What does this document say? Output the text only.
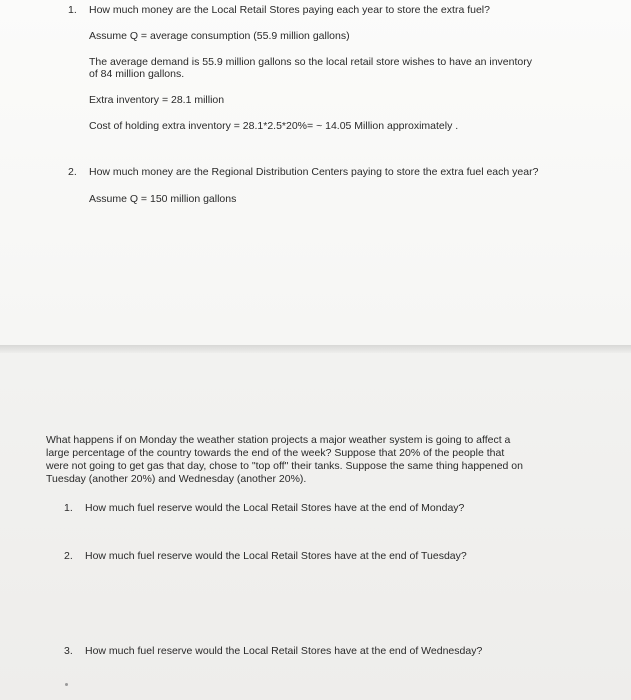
1. How much money are the Local Retail Stores paying each year to store the extra fuel?
Assume Q = average consumption (55.9 million gallons)
The average demand is 55.9 million gallons so the local retail store wishes to have an inventory
of 84 million gallons.
Extra inventory = 28.1 million
Cost of holding extra inventory = 28.1*2.5*20%= ~ 14.05 Million approximately .
2. How much money are the Regional Distribution Centers paying to store the extra fuel each year?
Assume Q = 150 million gallons
What happens if on Monday the weather station projects a major weather system is going to affect a
large percentage of the country towards the end of the week? Suppose that 20% of the people that
were not going to get gas that day, chose to "top off" their tanks. Suppose the same thing happened on
Tuesday (another 20%) and Wednesday (another 20%).
1. How much fuel reserve would the Local Retail Stores have at the end of Monday?
2. How much fuel reserve would the Local Retail Stores have at the end of Tuesday?
3. How much fuel reserve would the Local Retail Stores have at the end of Wednesday?
